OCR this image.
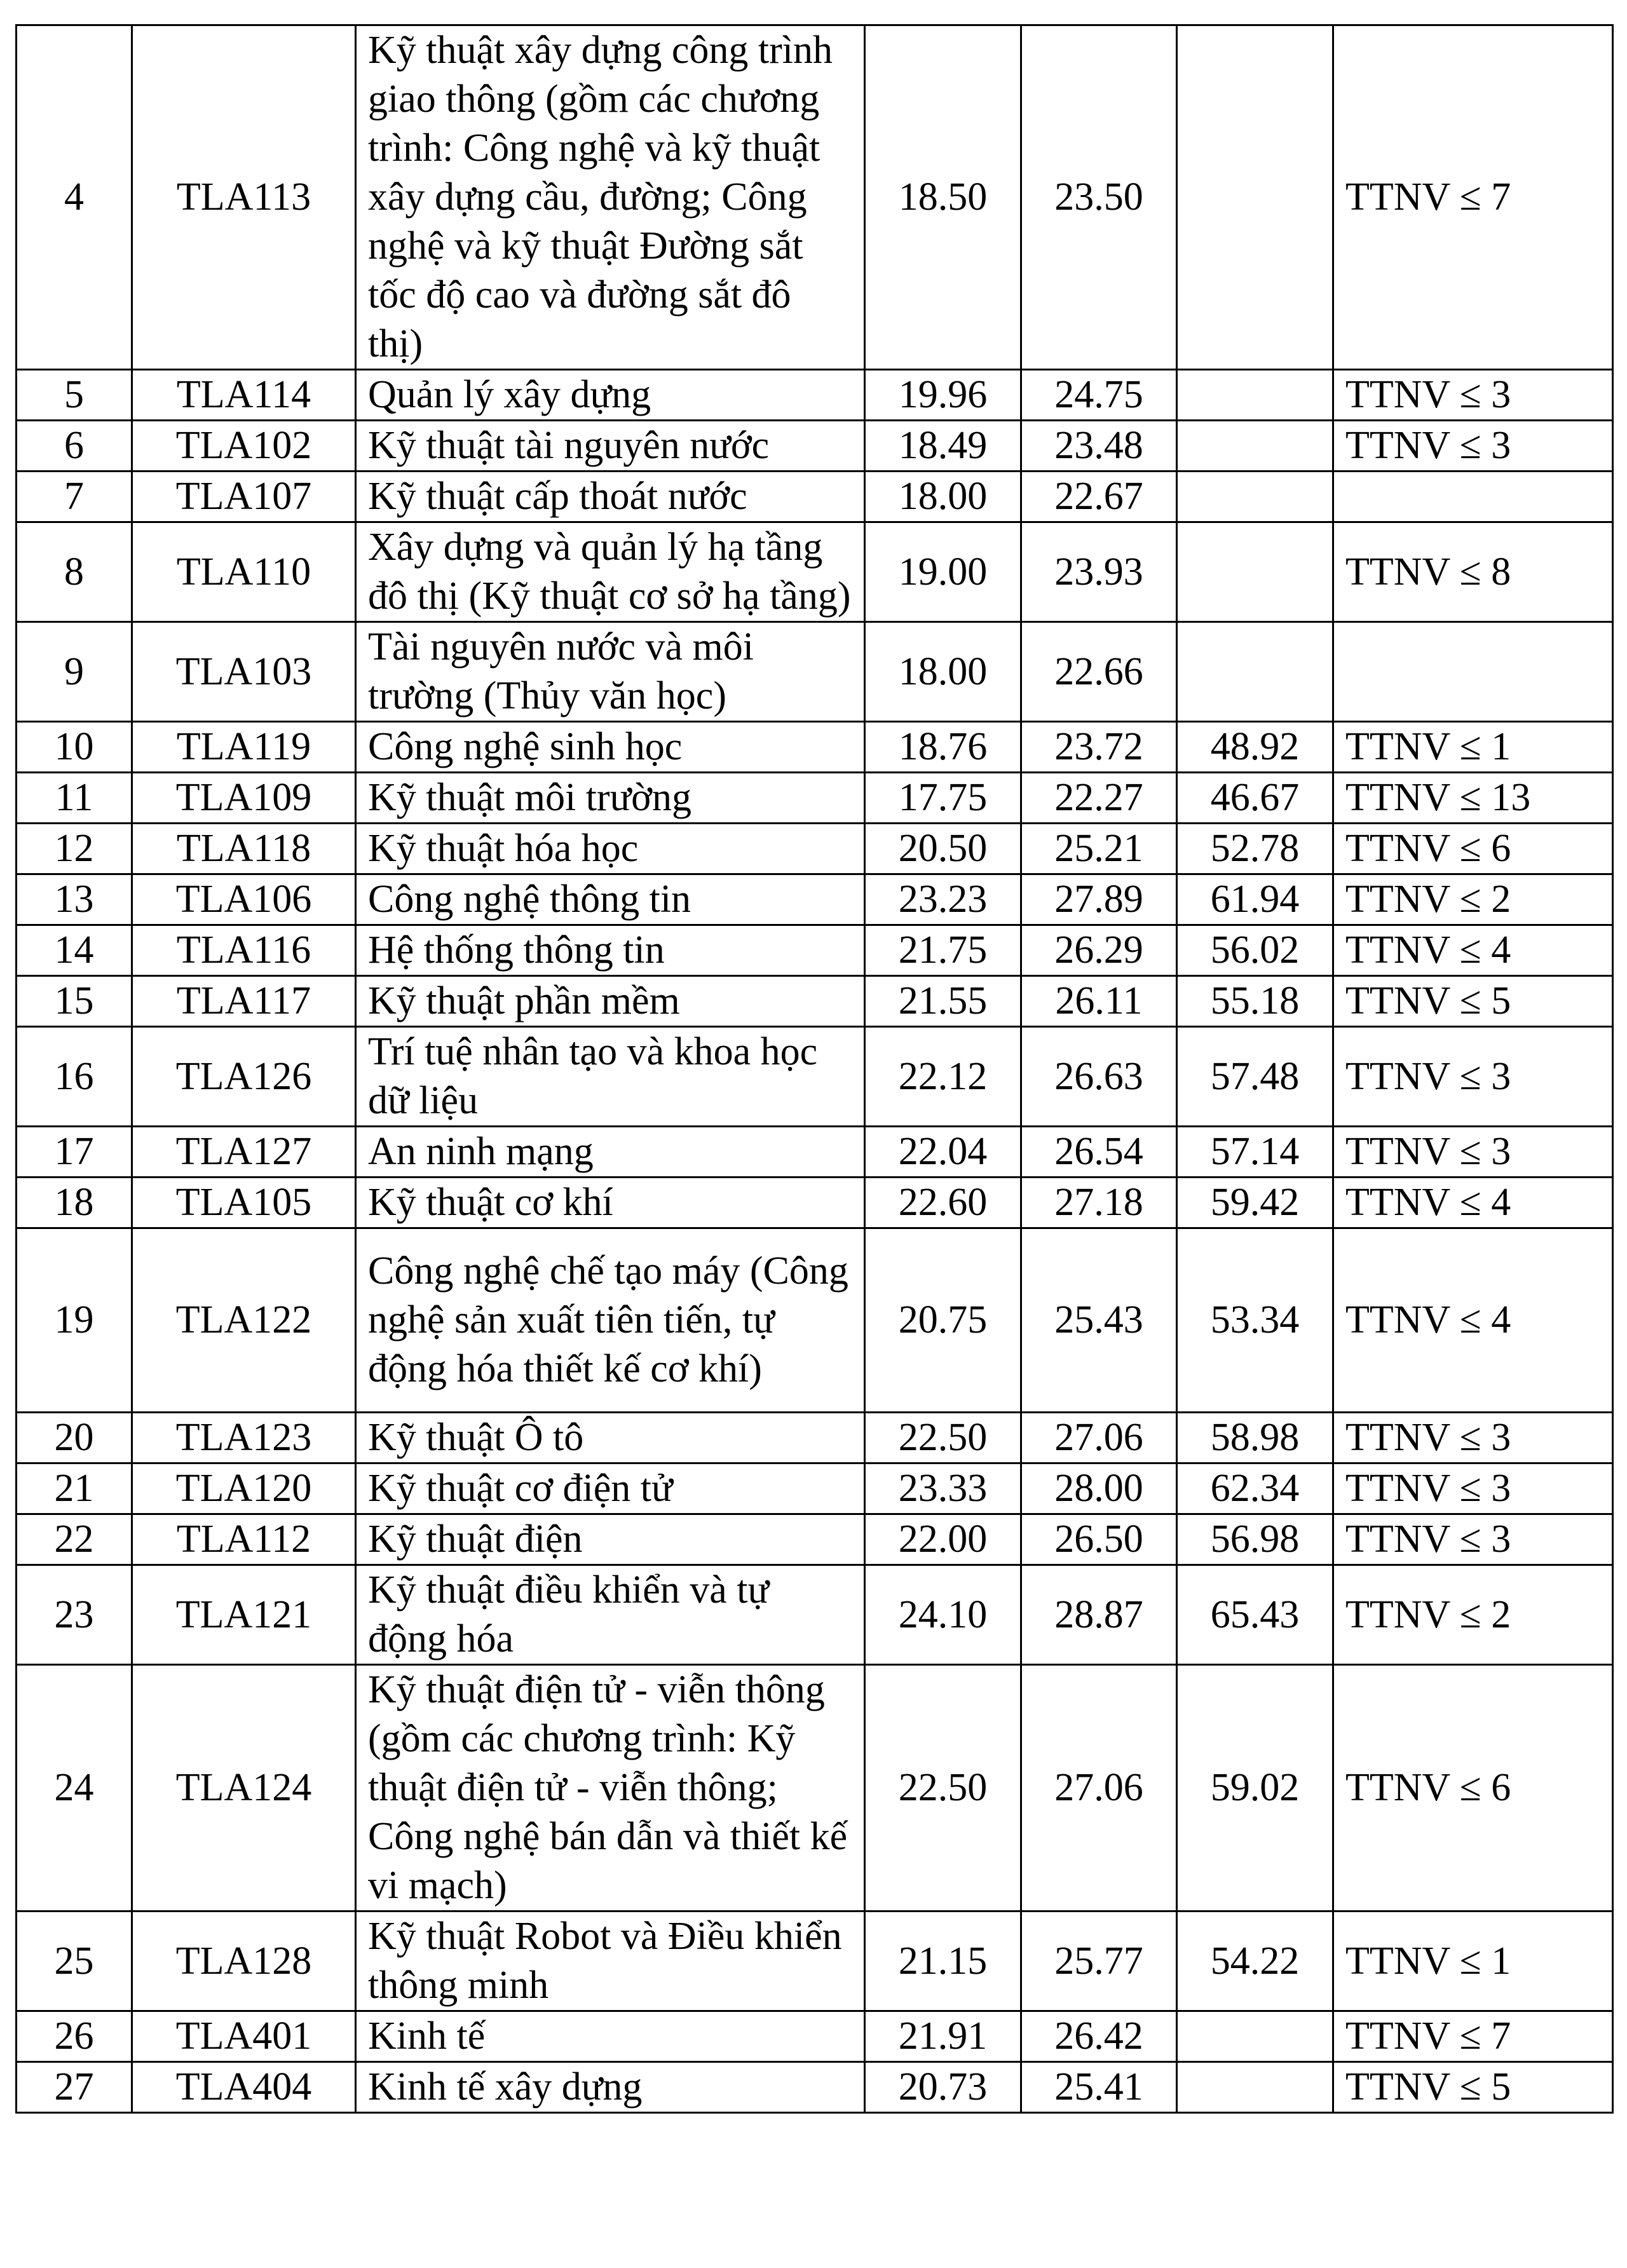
4	TLA113	Kỹ thuật xây dựng công trình giao thông (gồm các chương trình: Công nghệ và kỹ thuật xây dựng cầu, đường; Công nghệ và kỹ thuật Đường sắt tốc độ cao và đường sắt đô thị)	18.50	23.50		TTNV ≤ 7
5	TLA114	Quản lý xây dựng	19.96	24.75		TTNV ≤ 3
6	TLA102	Kỹ thuật tài nguyên nước	18.49	23.48		TTNV ≤ 3
7	TLA107	Kỹ thuật cấp thoát nước	18.00	22.67		
8	TLA110	Xây dựng và quản lý hạ tầng đô thị (Kỹ thuật cơ sở hạ tầng)	19.00	23.93		TTNV ≤ 8
9	TLA103	Tài nguyên nước và môi trường (Thủy văn học)	18.00	22.66		
10	TLA119	Công nghệ sinh học	18.76	23.72	48.92	TTNV ≤ 1
11	TLA109	Kỹ thuật môi trường	17.75	22.27	46.67	TTNV ≤ 13
12	TLA118	Kỹ thuật hóa học	20.50	25.21	52.78	TTNV ≤ 6
13	TLA106	Công nghệ thông tin	23.23	27.89	61.94	TTNV ≤ 2
14	TLA116	Hệ thống thông tin	21.75	26.29	56.02	TTNV ≤ 4
15	TLA117	Kỹ thuật phần mềm	21.55	26.11	55.18	TTNV ≤ 5
16	TLA126	Trí tuệ nhân tạo và khoa học dữ liệu	22.12	26.63	57.48	TTNV ≤ 3
17	TLA127	An ninh mạng	22.04	26.54	57.14	TTNV ≤ 3
18	TLA105	Kỹ thuật cơ khí	22.60	27.18	59.42	TTNV ≤ 4
19	TLA122	Công nghệ chế tạo máy (Công nghệ sản xuất tiên tiến, tự động hóa thiết kế cơ khí)	20.75	25.43	53.34	TTNV ≤ 4
20	TLA123	Kỹ thuật Ô tô	22.50	27.06	58.98	TTNV ≤ 3
21	TLA120	Kỹ thuật cơ điện tử	23.33	28.00	62.34	TTNV ≤ 3
22	TLA112	Kỹ thuật điện	22.00	26.50	56.98	TTNV ≤ 3
23	TLA121	Kỹ thuật điều khiển và tự động hóa	24.10	28.87	65.43	TTNV ≤ 2
24	TLA124	Kỹ thuật điện tử - viễn thông (gồm các chương trình: Kỹ thuật điện tử - viễn thông; Công nghệ bán dẫn và thiết kế vi mạch)	22.50	27.06	59.02	TTNV ≤ 6
25	TLA128	Kỹ thuật Robot và Điều khiển thông minh	21.15	25.77	54.22	TTNV ≤ 1
26	TLA401	Kinh tế	21.91	26.42		TTNV ≤ 7
27	TLA404	Kinh tế xây dựng	20.73	25.41		TTNV ≤ 5
